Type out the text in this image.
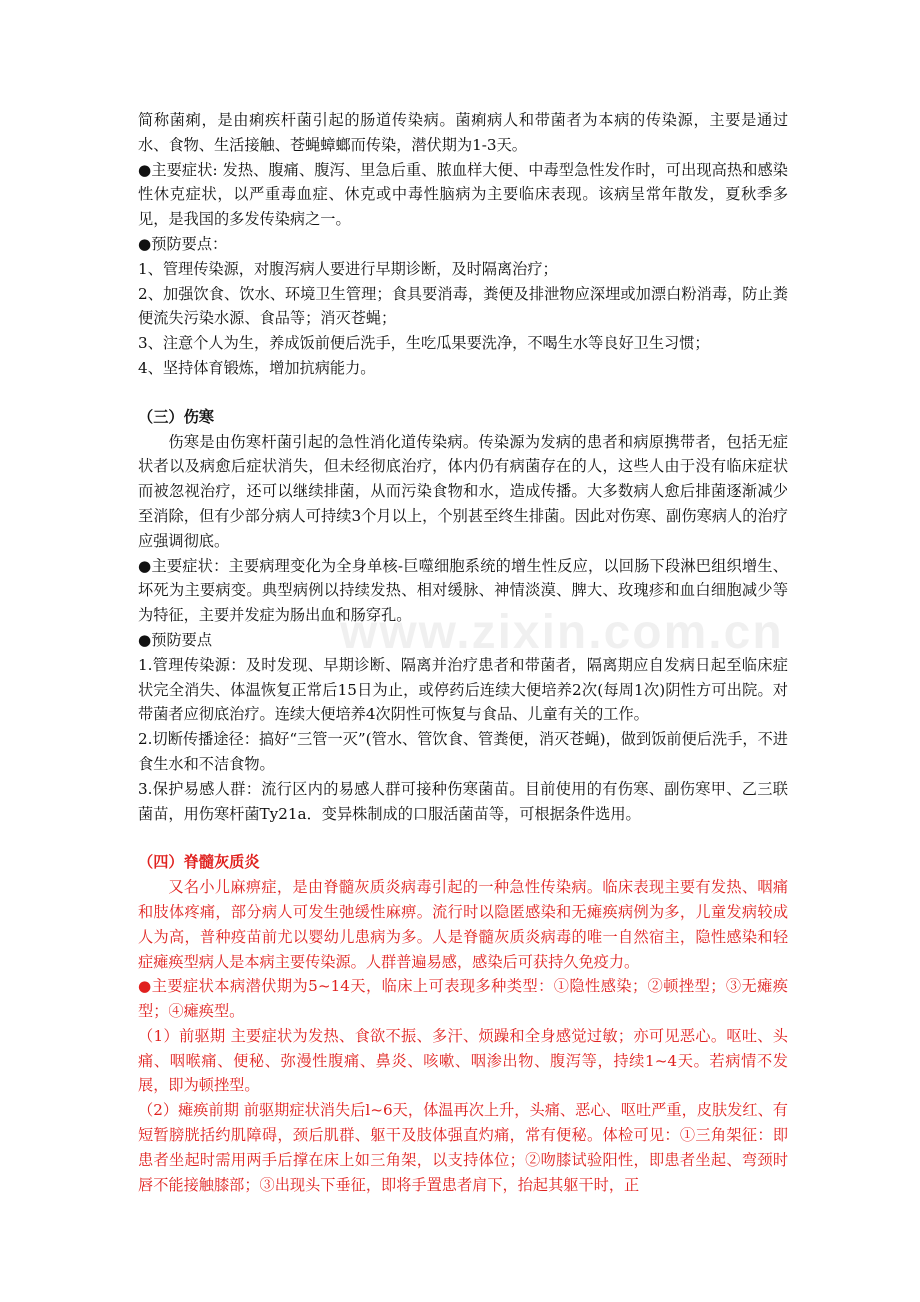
www.zixin.com.cn

简称菌痢，是由痢疾杆菌引起的肠道传染病。菌痢病人和带菌者为本病的传染源，主要是通过水、食物、生活接触、苍蝇蟑螂而传染，潜伏期为1-3天。

●主要症状: 发热、腹痛、腹泻、里急后重、脓血样大便、中毒型急性发作时，可出现高热和感染性休克症状，以严重毒血症、休克或中毒性脑病为主要临床表现。该病呈常年散发，夏秋季多见，是我国的多发传染病之一。

●预防要点：

1、管理传染源，对腹泻病人要进行早期诊断，及时隔离治疗；

2、加强饮食、饮水、环境卫生管理；食具要消毒，粪便及排泄物应深埋或加漂白粉消毒，防止粪便流失污染水源、食品等；消灭苍蝇；

3、注意个人为生，养成饭前便后洗手，生吃瓜果要洗净，不喝生水等良好卫生习惯；

4、坚持体育锻炼，增加抗病能力。

（三）伤寒

伤寒是由伤寒杆菌引起的急性消化道传染病。传染源为发病的患者和病原携带者，包括无症状者以及病愈后症状消失，但未经彻底治疗，体内仍有病菌存在的人，这些人由于没有临床症状而被忽视治疗，还可以继续排菌，从而污染食物和水，造成传播。大多数病人愈后排菌逐渐减少至消除，但有少部分病人可持续3个月以上，个别甚至终生排菌。因此对伤寒、副伤寒病人的治疗应强调彻底。

●主要症状：主要病理变化为全身单核-巨噬细胞系统的增生性反应，以回肠下段淋巴组织增生、坏死为主要病变。典型病例以持续发热、相对缓脉、神情淡漠、脾大、玫瑰疹和血白细胞减少等为特征，主要并发症为肠出血和肠穿孔。

●预防要点

1.管理传染源：及时发现、早期诊断、隔离并治疗患者和带菌者，隔离期应自发病日起至临床症状完全消失、体温恢复正常后15日为止，或停药后连续大便培养2次(每周1次)阴性方可出院。对带菌者应彻底治疗。连续大便培养4次阴性可恢复与食品、儿童有关的工作。

2.切断传播途径：搞好“三管一灭”(管水、管饮食、管粪便，消灭苍蝇)，做到饭前便后洗手，不进食生水和不洁食物。

3.保护易感人群：流行区内的易感人群可接种伤寒菌苗。目前使用的有伤寒、副伤寒甲、乙三联菌苗，用伤寒杆菌Ty21a．变异株制成的口服活菌苗等，可根据条件选用。

（四）脊髓灰质炎

又名小儿麻痹症，是由脊髓灰质炎病毒引起的一种急性传染病。临床表现主要有发热、咽痛和肢体疼痛，部分病人可发生弛缓性麻痹。流行时以隐匿感染和无瘫痪病例为多，儿童发病较成人为高，普种疫苗前尤以婴幼儿患病为多。人是脊髓灰质炎病毒的唯一自然宿主，隐性感染和轻症瘫痪型病人是本病主要传染源。人群普遍易感，感染后可获持久免疫力。

●主要症状本病潜伏期为5~14天，临床上可表现多种类型：①隐性感染；②顿挫型；③无瘫痪型；④瘫痪型。

（1）前驱期 主要症状为发热、食欲不振、多汗、烦躁和全身感觉过敏；亦可见恶心。呕吐、头痛、咽喉痛、便秘、弥漫性腹痛、鼻炎、咳嗽、咽渗出物、腹泻等，持续1~4天。若病情不发展，即为顿挫型。

（2）瘫痪前期 前驱期症状消失后l~6天，体温再次上升，头痛、恶心、呕吐严重，皮肤发红、有短暂膀胱括约肌障碍，颈后肌群、躯干及肢体强直灼痛，常有便秘。体检可见：①三角架征：即患者坐起时需用两手后撑在床上如三角架，以支持体位；②吻膝试验阳性，即患者坐起、弯颈时唇不能接触膝部；③出现头下垂征，即将手置患者肩下，抬起其躯干时，正
